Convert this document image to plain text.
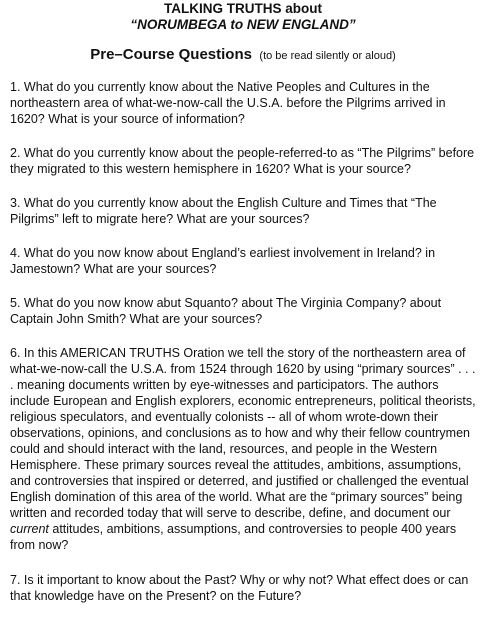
TALKING TRUTHS about

“NORUMBEGA to NEW ENGLAND”

Pre–Course Questions (to be read silently or aloud)

1. What do you currently know about the Native Peoples and Cultures in the northeastern area of what-we-now-call the U.S.A. before the Pilgrims arrived in 1620? What is your source of information?

2. What do you currently know about the people-referred-to as “The Pilgrims” before they migrated to this western hemisphere in 1620? What is your source?

3. What do you currently know about the English Culture and Times that “The Pilgrims” left to migrate here? What are your sources?

4. What do you now know about England’s earliest involvement in Ireland? in Jamestown? What are your sources?

5. What do you now know abut Squanto? about The Virginia Company? about Captain John Smith? What are your sources?

6. In this AMERICAN TRUTHS Oration we tell the story of the northeastern area of what-we-now-call the U.S.A. from 1524 through 1620 by using “primary sources” . . . . meaning documents written by eye-witnesses and participators. The authors include European and English explorers, economic entrepreneurs, political theorists, religious speculators, and eventually colonists -- all of whom wrote-down their observations, opinions, and conclusions as to how and why their fellow countrymen could and should interact with the land, resources, and people in the Western Hemisphere. These primary sources reveal the attitudes, ambitions, assumptions, and controversies that inspired or deterred, and justified or challenged the eventual English domination of this area of the world. What are the “primary sources” being written and recorded today that will serve to describe, define, and document our current attitudes, ambitions, assumptions, and controversies to people 400 years from now?

7. Is it important to know about the Past? Why or why not? What effect does or can that knowledge have on the Present? on the Future?
